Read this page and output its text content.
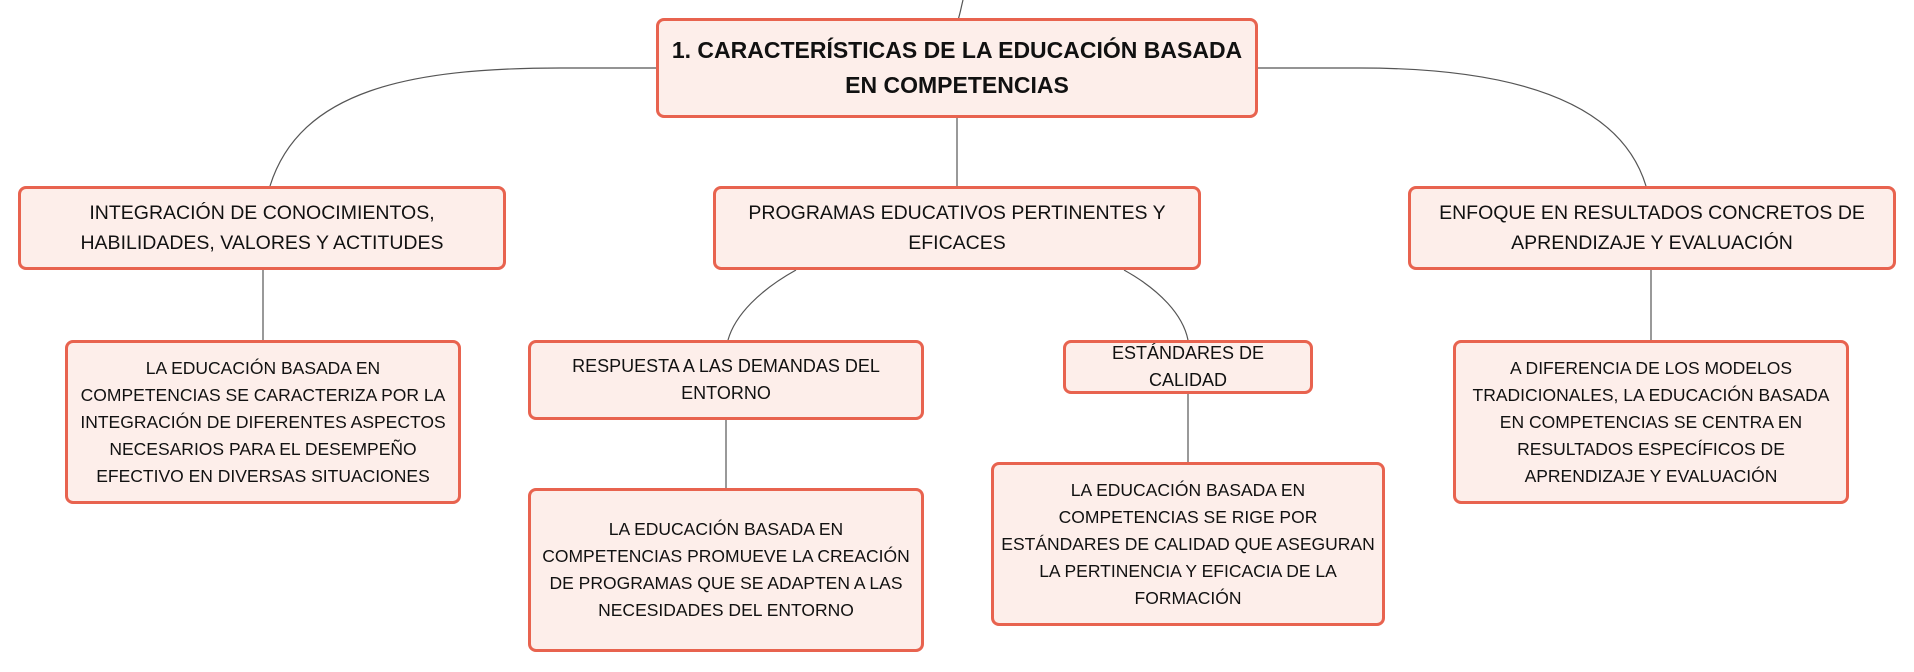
1. CARACTERÍSTICAS DE LA EDUCACIÓN BASADA EN COMPETENCIAS
INTEGRACIÓN DE CONOCIMIENTOS, HABILIDADES, VALORES Y ACTITUDES
PROGRAMAS EDUCATIVOS PERTINENTES Y EFICACES
ENFOQUE EN RESULTADOS CONCRETOS DE APRENDIZAJE Y EVALUACIÓN
LA EDUCACIÓN BASADA EN COMPETENCIAS SE CARACTERIZA POR LA INTEGRACIÓN DE DIFERENTES ASPECTOS NECESARIOS PARA EL DESEMPEÑO EFECTIVO EN DIVERSAS SITUACIONES
RESPUESTA A LAS DEMANDAS DEL ENTORNO
ESTÁNDARES DE CALIDAD
LA EDUCACIÓN BASADA EN COMPETENCIAS PROMUEVE LA CREACIÓN DE PROGRAMAS QUE SE ADAPTEN A LAS NECESIDADES DEL ENTORNO
LA EDUCACIÓN BASADA EN COMPETENCIAS SE RIGE POR ESTÁNDARES DE CALIDAD QUE ASEGURAN LA PERTINENCIA Y EFICACIA DE LA FORMACIÓN
A DIFERENCIA DE LOS MODELOS TRADICIONALES, LA EDUCACIÓN BASADA EN COMPETENCIAS SE CENTRA EN RESULTADOS ESPECÍFICOS DE APRENDIZAJE Y EVALUACIÓN
